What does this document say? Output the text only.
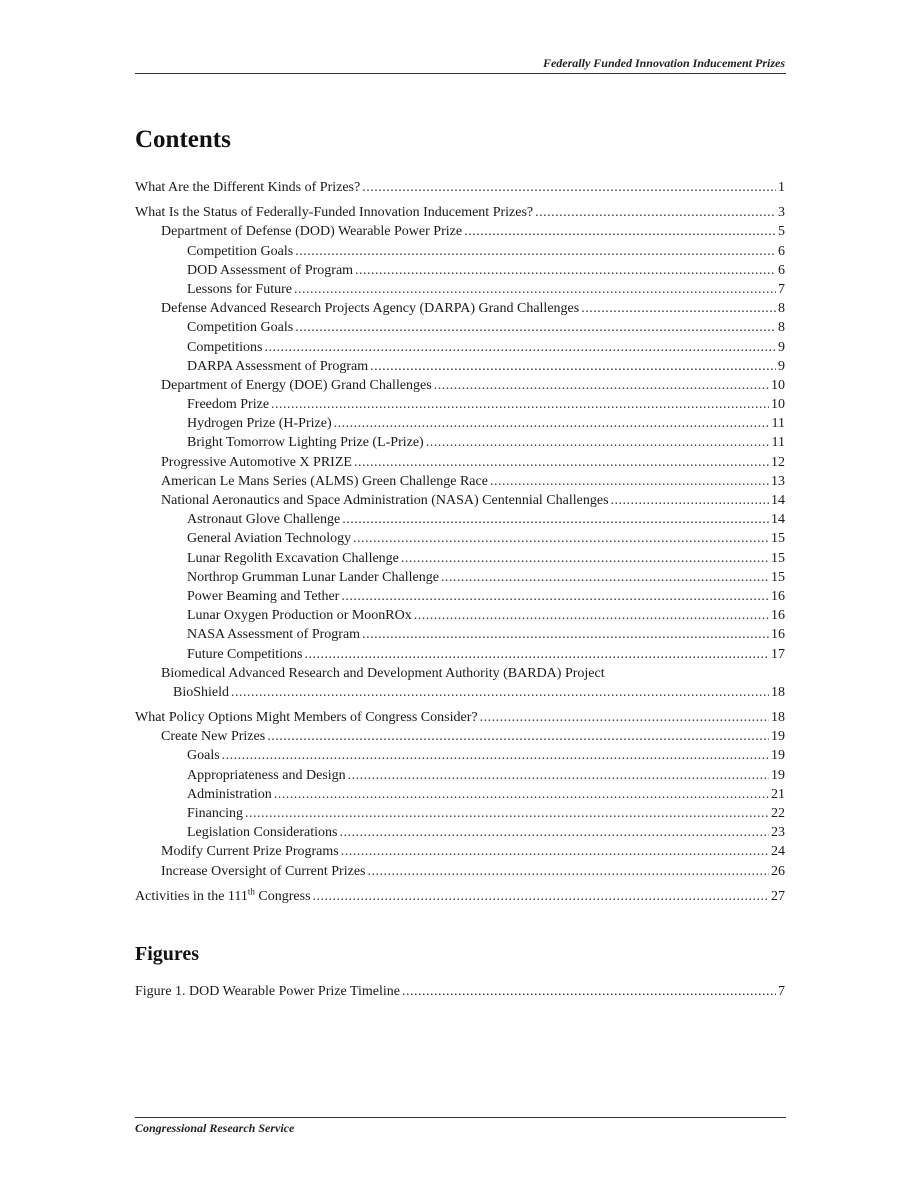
Federally Funded Innovation Inducement Prizes
Contents
What Are the Different Kinds of Prizes? .....	1
What Is the Status of Federally-Funded Innovation Inducement Prizes? .....	3
Department of Defense (DOD) Wearable Power Prize .....	5
Competition Goals .....	6
DOD Assessment of Program .....	6
Lessons for Future .....	7
Defense Advanced Research Projects Agency (DARPA) Grand Challenges .....	8
Competition Goals .....	8
Competitions .....	9
DARPA Assessment of Program .....	9
Department of Energy (DOE) Grand Challenges .....	10
Freedom Prize .....	10
Hydrogen Prize (H-Prize) .....	11
Bright Tomorrow Lighting Prize (L-Prize) .....	11
Progressive Automotive X PRIZE .....	12
American Le Mans Series (ALMS) Green Challenge Race .....	13
National Aeronautics and Space Administration (NASA) Centennial Challenges .....	14
Astronaut Glove Challenge .....	14
General Aviation Technology .....	15
Lunar Regolith Excavation Challenge .....	15
Northrop Grumman Lunar Lander Challenge .....	15
Power Beaming and Tether .....	16
Lunar Oxygen Production or MoonROx .....	16
NASA Assessment of Program .....	16
Future Competitions .....	17
Biomedical Advanced Research and Development Authority (BARDA) Project
BioShield .....	18
What Policy Options Might Members of Congress Consider? .....	18
Create New Prizes .....	19
Goals .....	19
Appropriateness and Design .....	19
Administration .....	21
Financing .....	22
Legislation Considerations .....	23
Modify Current Prize Programs .....	24
Increase Oversight of Current Prizes .....	26
Activities in the 111th Congress .....	27
Figures
Figure 1. DOD Wearable Power Prize Timeline .....	7
Congressional Research Service
